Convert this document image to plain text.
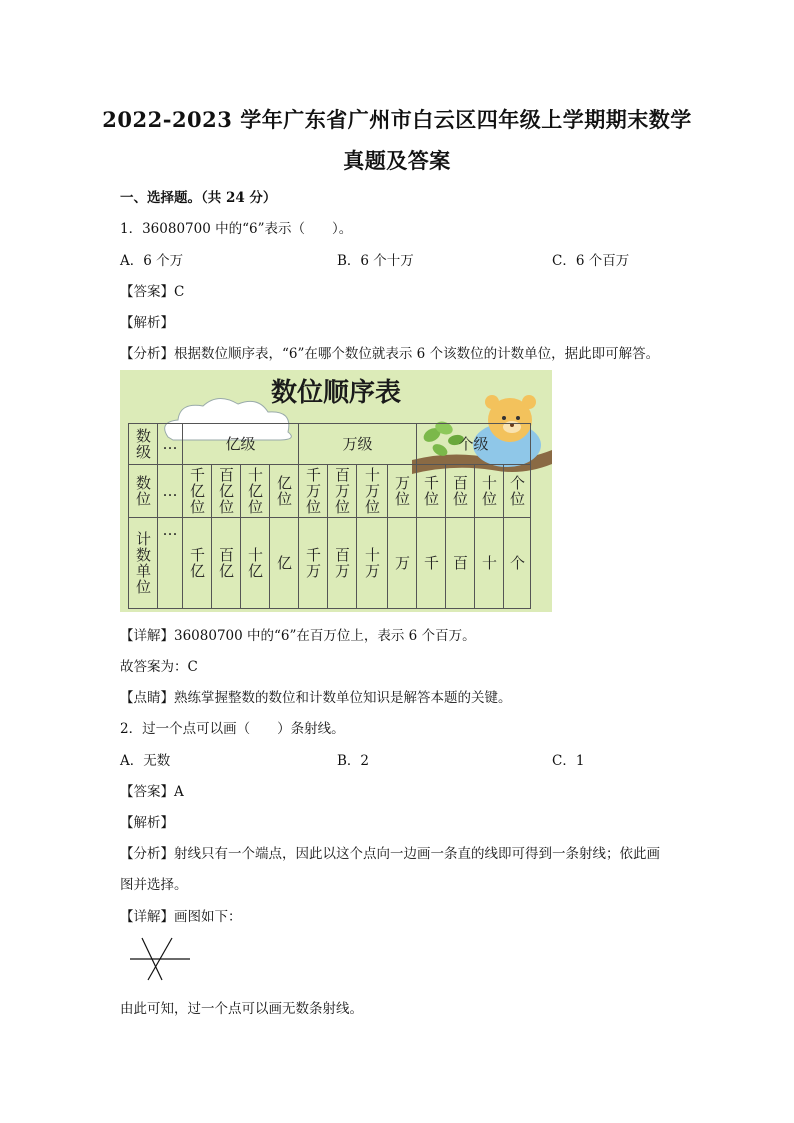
2022-2023 学年广东省广州市白云区四年级上学期期末数学
真题及答案

一、选择题。（共 24 分）

1．36080700 中的“6”表示（　　）。

A．6 个万	B．6 个十万	C．6 个百万

【答案】C

【解析】

【分析】根据数位顺序表，“6”在哪个数位就表示 6 个该数位的计数单位，据此即可解答。

数位顺序表
数级	…	亿级				万级				个级			
数位	…	千亿位	百亿位	十亿位	亿位	千万位	百万位	十万位	万位	千位	百位	十位	个位
计数单位	…	千亿	百亿	十亿	亿	千万	百万	十万	万	千	百	十	个

【详解】36080700 中的“6”在百万位上，表示 6 个百万。

故答案为：C

【点睛】熟练掌握整数的数位和计数单位知识是解答本题的关键。

2．过一个点可以画（　　）条射线。

A．无数	B．2	C．1

【答案】A

【解析】

【分析】射线只有一个端点，因此以这个点向一边画一条直的线即可得到一条射线；依此画

图并选择。

【详解】画图如下：

由此可知，过一个点可以画无数条射线。
